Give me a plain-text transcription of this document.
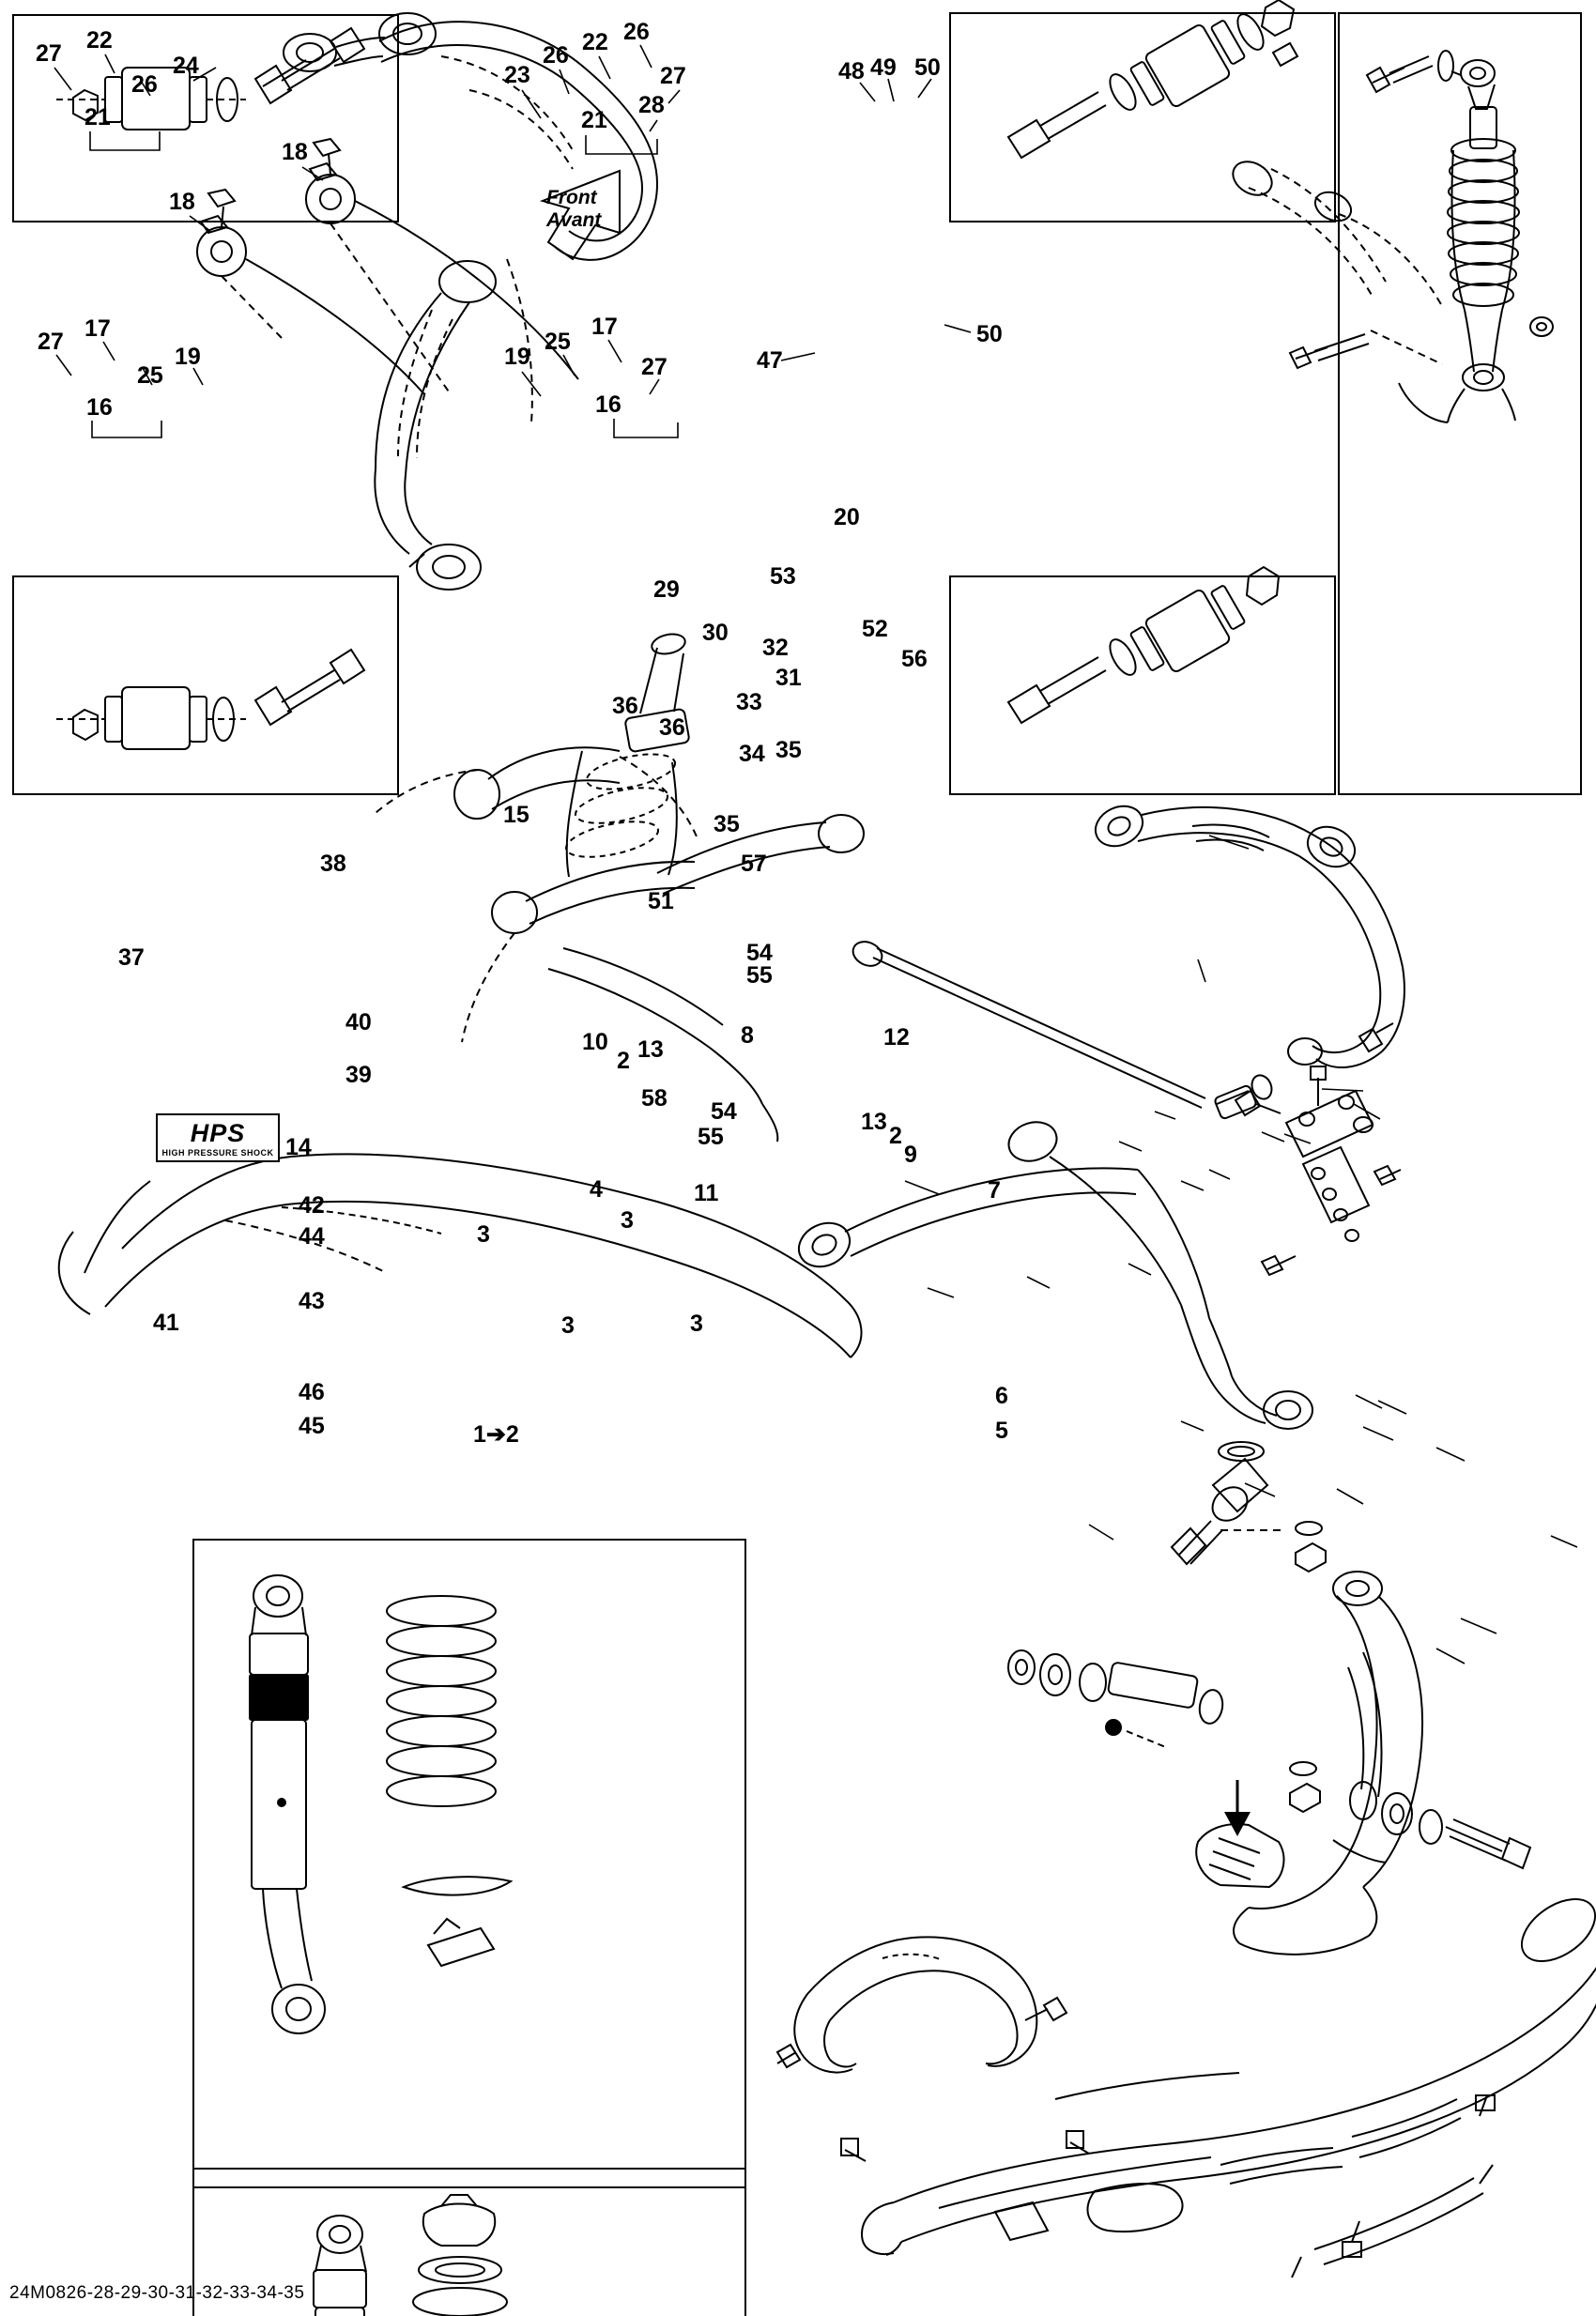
27 22
24
26
21
23
26 22 26
27
28
21
18
18
27 17
19
25
16
19
25
17
27
16
48 49 50
50
47
20
53
29
30
32
52
31
56
36	33
36
35
34
15	35
57
51
38
37
40
39
14
54
55
12
10
2 13
8
58 54
55
13
2
9
7
11
4
3
3
3	3
42
44
43
41
46
45	1➔2
6
5
Front
Avant
HPS
HIGH PRESSURE SHOCK
24M0826-28-29-30-31-32-33-34-35
